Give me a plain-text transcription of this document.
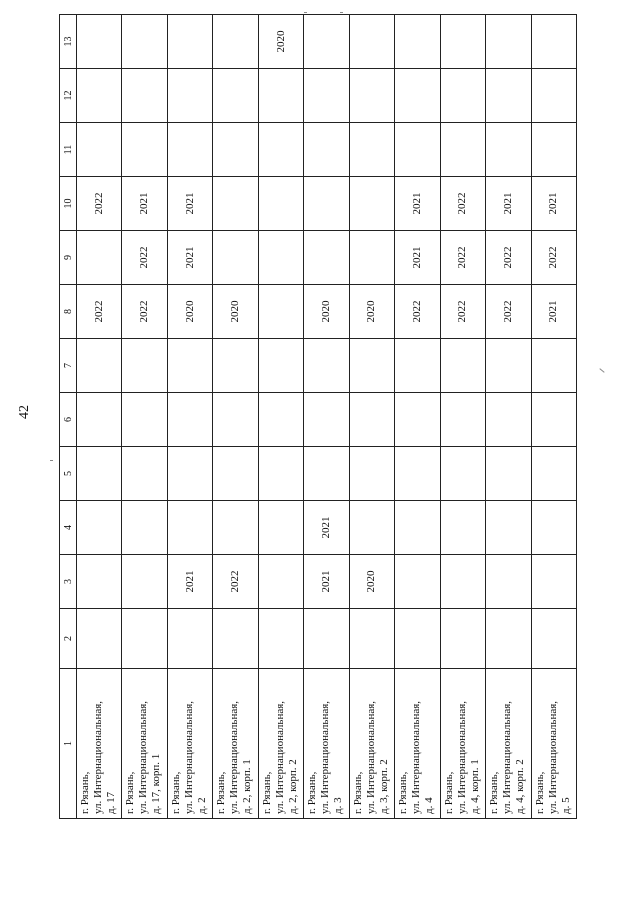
42
1	2	3	4	5	6	7	8	9	10	11	12	13

г. Рязань, ул. Интернациональная, д. 17							2022		2022			

г. Рязань, ул. Интернациональная, д. 17, корп. 1							2022	2022	2021			

г. Рязань, ул. Интернациональная, д. 2		2021					2020	2021	2021			

г. Рязань, ул. Интернациональная, д. 2, корп. 1		2022					2020					

г. Рязань, ул. Интернациональная, д. 2, корп. 2												2020

г. Рязань, ул. Интернациональная, д. 3		2021	2021				2020					

г. Рязань, ул. Интернациональная, д. 3, корп. 2		2020					2020					

г. Рязань, ул. Интернациональная, д. 4							2022	2021	2021			

г. Рязань, ул. Интернациональная, д. 4, корп. 1							2022	2022	2022			

г. Рязань, ул. Интернациональная, д. 4, корп. 2							2022	2022	2021			

г. Рязань, ул. Интернациональная, д. 5							2021	2022	2021			
